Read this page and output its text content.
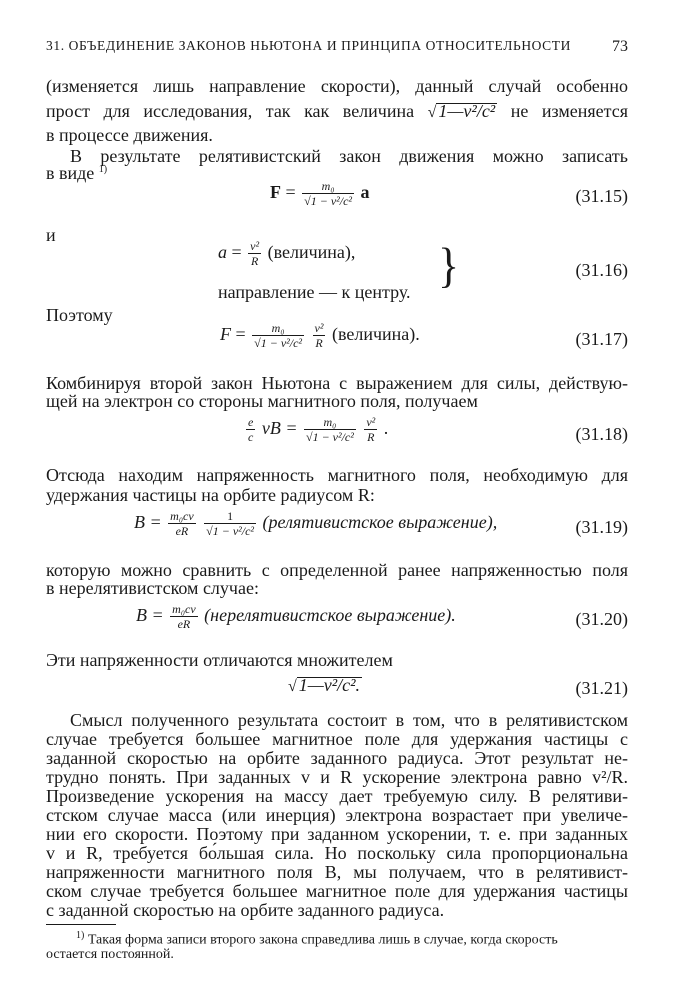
31. ОБЪЕДИНЕНИЕ ЗАКОНОВ НЬЮТОНА И ПРИНЦИПА ОТНОСИТЕЛЬНОСТИ	73
(изменяется лишь направление скорости), данный случай особенно
прост для исследования, так как величина √ 1—v²/c² не изменяется
в процессе движения.
В результате релятивистский закон движения можно записать
в виде $^{1)}$
$F = \frac{\text{m₀}}{\text{√1 − v²/c²}}$ a	(31.15)
и
$a = \frac{\text{v²}}{R}$ (величина),
направление — к центру. }	(31.16)
Поэтому
$F = \frac{\text{m₀}}{\text{√1 − v²/c²}}$
$\frac{\text{v²}}{R}$ (величина).	(31.17)
Комбинируя второй закон Ньютона с выражением для силы, действую-
щей на электрон со стороны магнитного поля, получаем
$\frac{e}{c}$ vB = $\frac{\text{m₀}}{\text{√1 − v²/c²}}$
$\frac{\text{v²}}{R}$ .	(31.18)
Отсюда находим напряженность магнитного поля, необходимую для
удержания частицы на орбите радиусом R:
$B = \frac{\text{m₀cv}}{eR}$
$\frac{1}{\text{√1 − v²/c²}}$ (релятивистское выражение),	(31.19)
которую можно сравнить с определенной ранее напряженностью поля
в нерелятивистском случае:
$B = \frac{\text{m₀cv}}{eR}$ (нерелятивистское выражение).	(31.20)
Эти напряженности отличаются множителем
√ 1—v²/c².	(31.21)
Смысл полученного результата состоит в том, что в релятивистском
случае требуется большее магнитное поле для удержания частицы с
заданной скоростью на орбите заданного радиуса. Этот результат не-
трудно понять. При заданных v и R ускорение электрона равно v²/R.
Произведение ускорения на массу дает требуемую силу. В релятиви-
стском случае масса (или инерция) электрона возрастает при увеличе-
нии его скорости. Поэтому при заданном ускорении, т. е. при заданных
v и R, требуется бо́льшая сила. Но поскольку сила пропорциональна
напряженности магнитного поля B, мы получаем, что в релятивист-
ском случае требуется большее магнитное поле для удержания частицы
с заданной скоростью на орбите заданного радиуса.
$^{1)}$ Такая форма записи второго закона справедлива лишь в случае, когда скорость
остается постоянной.
